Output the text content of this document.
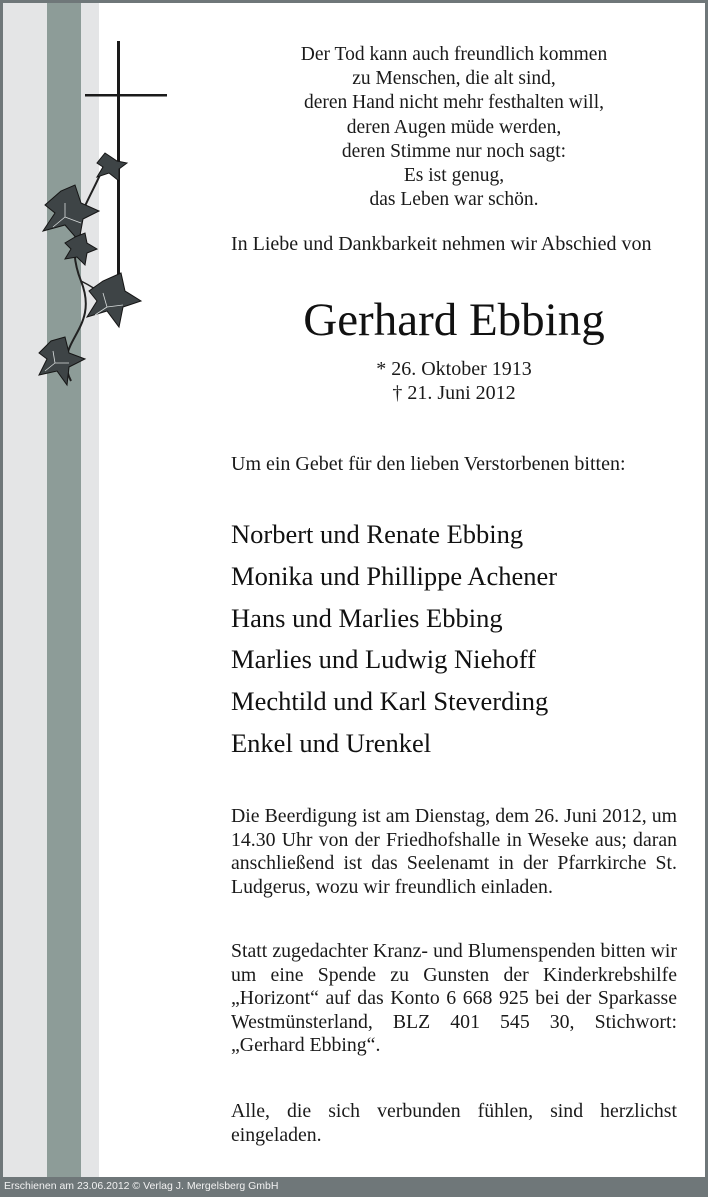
Der Tod kann auch freundlich kommen
zu Menschen, die alt sind,
deren Hand nicht mehr festhalten will,
deren Augen müde werden,
deren Stimme nur noch sagt:
Es ist genug,
das Leben war schön.
In Liebe und Dankbarkeit nehmen wir Abschied von
Gerhard Ebbing
* 26. Oktober 1913
† 21. Juni 2012
Um ein Gebet für den lieben Verstorbenen bitten:
Norbert und Renate Ebbing
Monika und Phillippe Achener
Hans und Marlies Ebbing
Marlies und Ludwig Niehoff
Mechtild und Karl Steverding
Enkel und Urenkel
Die Beerdigung ist am Dienstag, dem 26. Juni 2012, um 14.30 Uhr von der Friedhofshalle in Weseke aus; daran anschließend ist das Seelenamt in der Pfarrkirche St. Ludgerus, wozu wir freundlich einladen.
Statt zugedachter Kranz- und Blumenspenden bitten wir um eine Spende zu Gunsten der Kinderkrebshilfe „Horizont“ auf das Konto 6 668 925 bei der Sparkasse Westmünsterland, BLZ 401 545 30, Stichwort: „Gerhard Ebbing“.
Alle, die sich verbunden fühlen, sind herzlichst eingeladen.
Erschienen am 23.06.2012 © Verlag J. Mergelsberg GmbH
